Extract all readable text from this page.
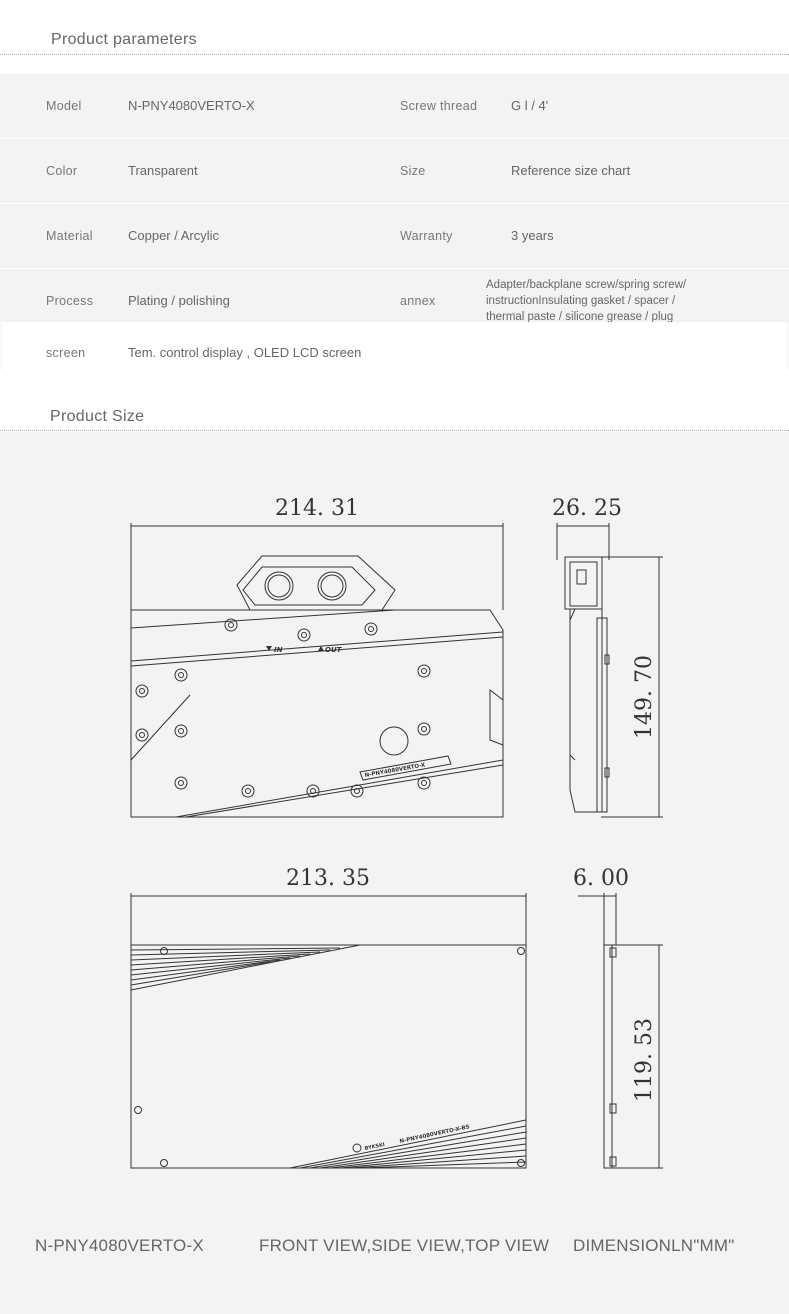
Product parameters
Model	N-PNY4080VERTO-X	Screw thread	G l / 4'
Color	Transparent	Size	Reference size chart
Material	Copper / Arcylic	Warranty	3 years
Process	Plating / polishing	annex
Adapter/backplane screw/spring screw/
instructionInsulating gasket / spacer /
thermal paste / silicone grease / plug
screen	Tem. control display , OLED LCD screen
Product Size
214. 31	26. 25
149. 70
213. 35	6. 00
119. 53
IN	OUT
N-PNY4080VERTO-X
BYKSKI
N-PNY4080VERTO-X-BS
N-PNY4080VERTO-X	FRONT VIEW,SIDE VIEW,TOP VIEW DIMENSIONLN"MM"
